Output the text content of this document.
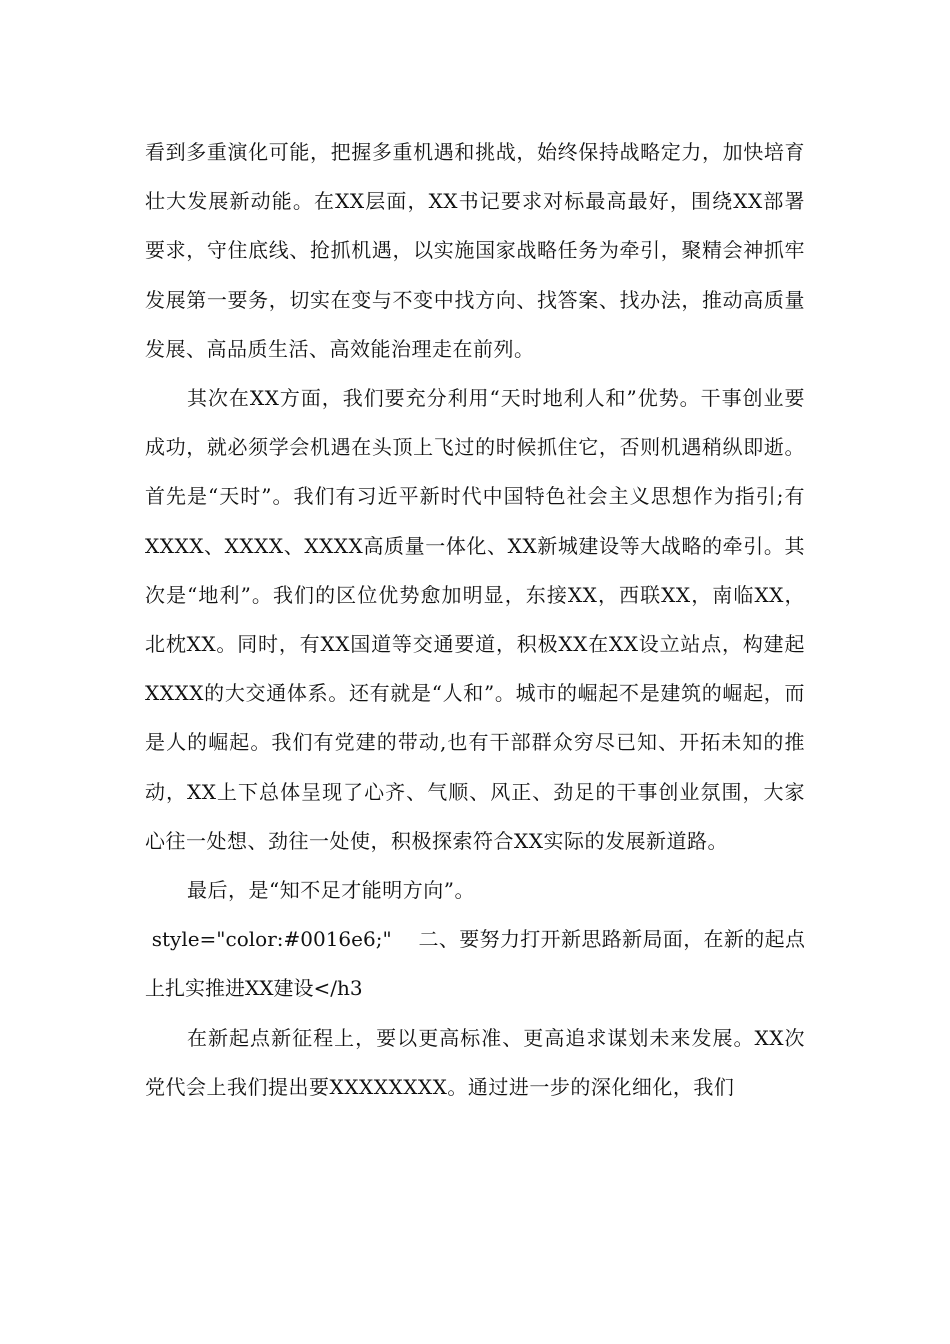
看到多重演化可能，把握多重机遇和挑战，始终保持战略定力，加快培育壮大发展新动能。在XX层面，XX书记要求对标最高最好，围绕XX部署要求，守住底线、抢抓机遇，以实施国家战略任务为牵引，聚精会神抓牢发展第一要务，切实在变与不变中找方向、找答案、找办法，推动高质量发展、高品质生活、高效能治理走在前列。

其次在XX方面，我们要充分利用“天时地利人和”优势。干事创业要成功，就必须学会机遇在头顶上飞过的时候抓住它，否则机遇稍纵即逝。首先是“天时”。我们有习近平新时代中国特色社会主义思想作为指引;有XXXX、XXXX、XXXX高质量一体化、XX新城建设等大战略的牵引。其次是“地利”。我们的区位优势愈加明显，东接XX，西联XX，南临XX，北枕XX。同时，有XX国道等交通要道，积极XX在XX设立站点，构建起XXXX的大交通体系。还有就是“人和”。城市的崛起不是建筑的崛起，而是人的崛起。我们有党建的带动,也有干部群众穷尽已知、开拓未知的推动，XX上下总体呈现了心齐、气顺、风正、劲足的干事创业氛围，大家心往一处想、劲往一处使，积极探索符合XX实际的发展新道路。

最后，是“知不足才能明方向”。

style="color:#0016e6;"    二、要努力打开新思路新局面，在新的起点上扎实推进XX建设</h3

在新起点新征程上，要以更高标准、更高追求谋划未来发展。XX次党代会上我们提出要XXXXXXXX。通过进一步的深化细化，我们
